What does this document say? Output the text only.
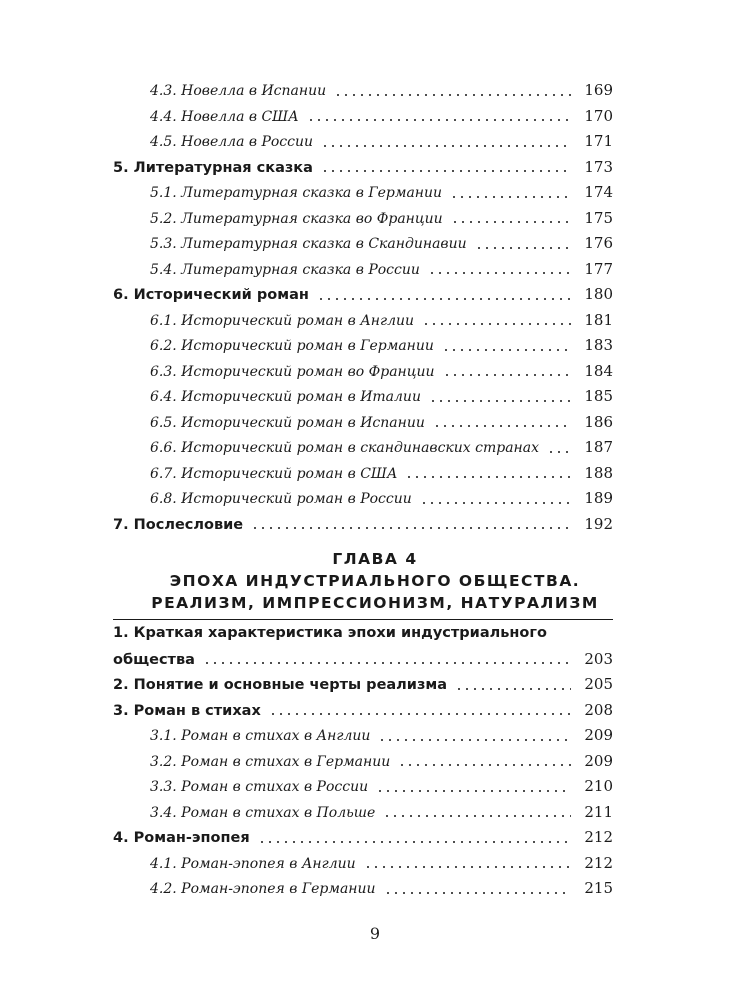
4.3. Новелла в Испании	169
4.4. Новелла в США	170
4.5. Новелла в России	171
5. Литературная сказка	173
5.1. Литературная сказка в Германии	174
5.2. Литературная сказка во Франции	175
5.3. Литературная сказка в Скандинавии	176
5.4. Литературная сказка в России	177
6. Исторический роман	180
6.1. Исторический роман в Англии	181
6.2. Исторический роман в Германии	183
6.3. Исторический роман во Франции	184
6.4. Исторический роман в Италии	185
6.5. Исторический роман в Испании	186
6.6. Исторический роман в скандинавских странах	187
6.7. Исторический роман в США	188
6.8. Исторический роман в России	189
7. Послесловие	192
ГЛАВА 4
ЭПОХА ИНДУСТРИАЛЬНОГО ОБЩЕСТВА.
РЕАЛИЗМ, ИМПРЕССИОНИЗМ, НАТУРАЛИЗМ
1. Краткая характеристика эпохи индустриального
общества	203
2. Понятие и основные черты реализма	205
3. Роман в стихах	208
3.1. Роман в стихах в Англии	209
3.2. Роман в стихах в Германии	209
3.3. Роман в стихах в России	210
3.4. Роман в стихах в Польше	211
4. Роман-эпопея	212
4.1. Роман-эпопея в Англии	212
4.2. Роман-эпопея в Германии	215
9
